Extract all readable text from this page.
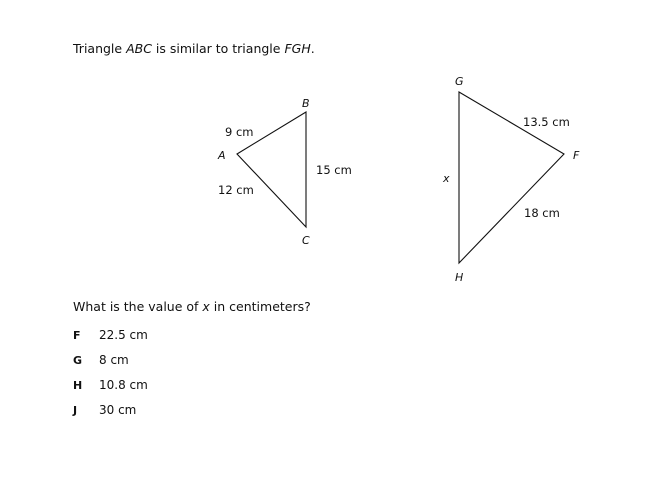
Triangle ABC is similar to triangle FGH.
A
B
C
9 cm
12 cm
15 cm
G
F
H
13.5 cm
18 cm
x
What is the value of x in centimeters?
F 22.5 cm
G 8 cm
H 10.8 cm
J 30 cm
